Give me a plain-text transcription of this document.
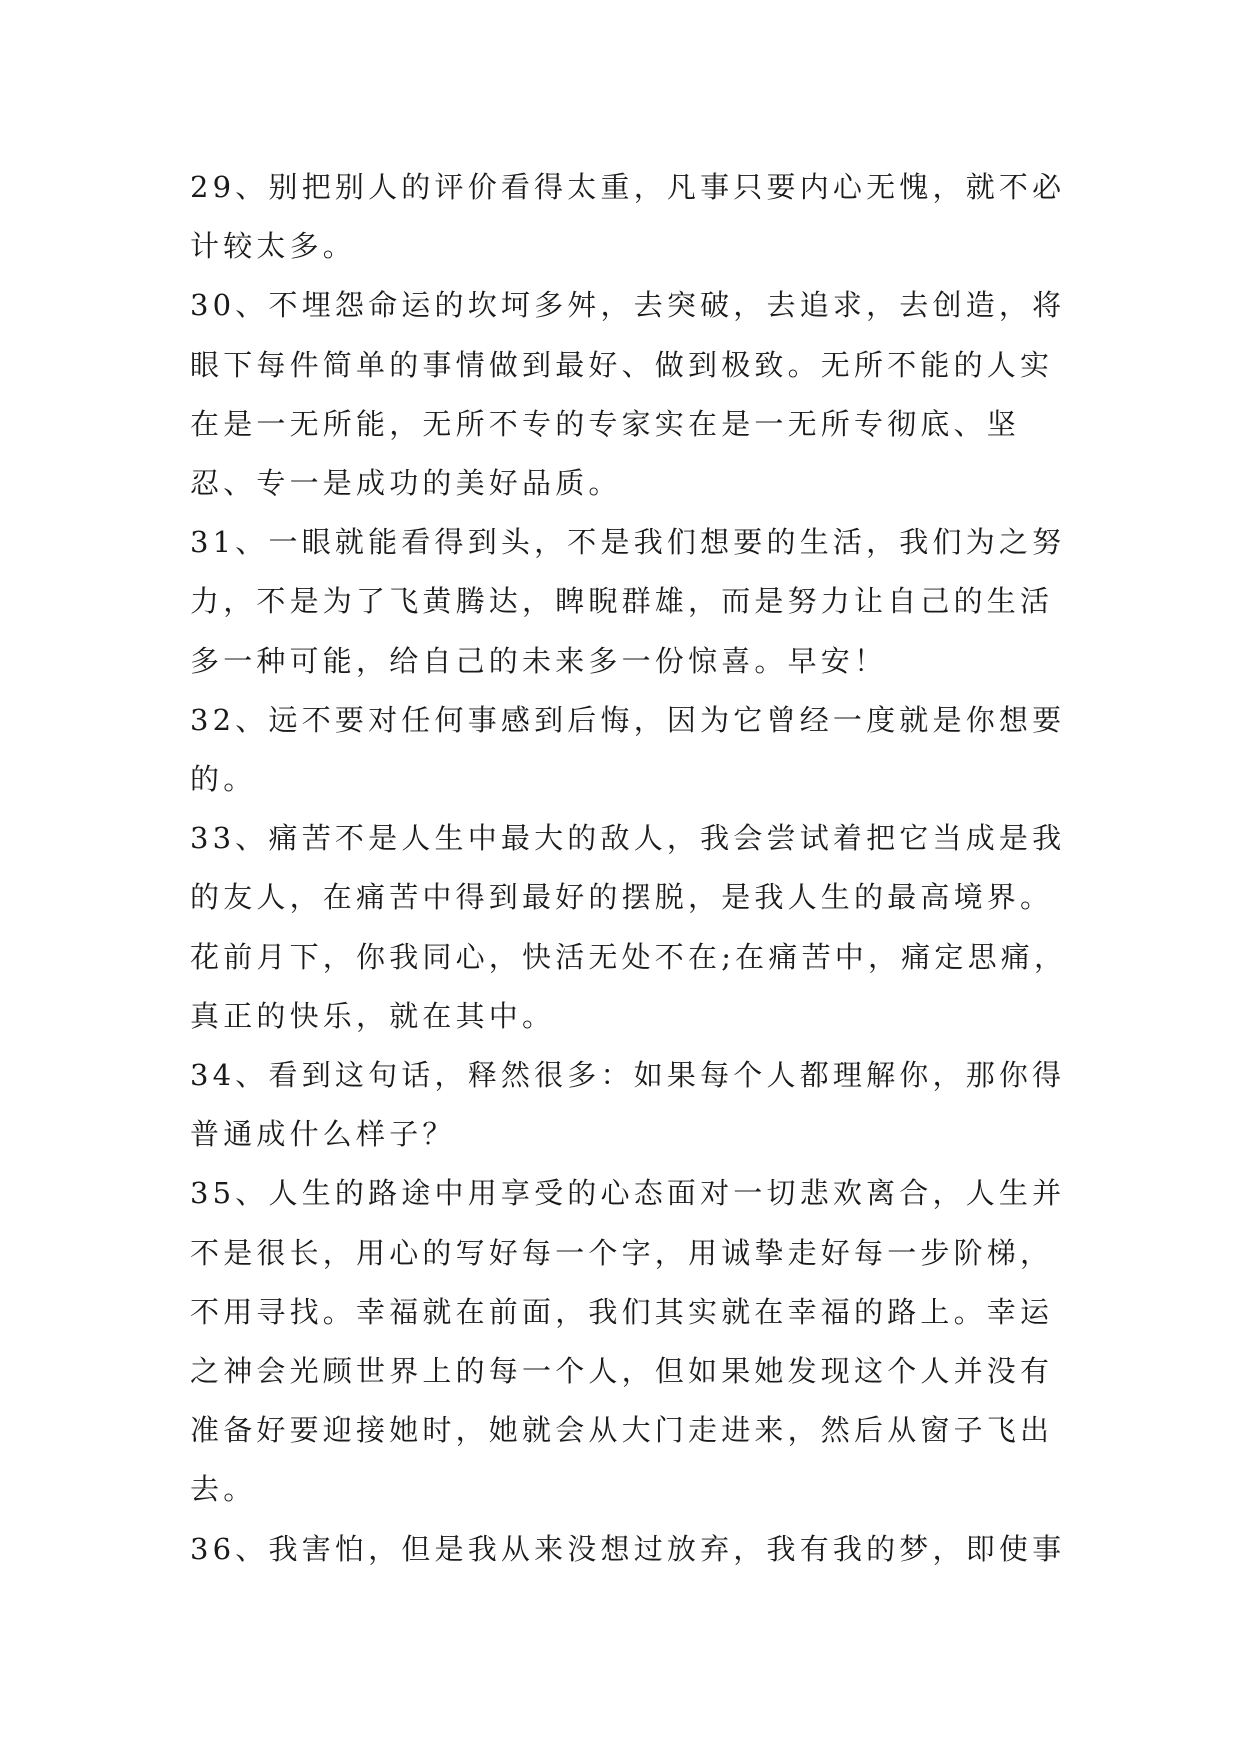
29、别把别人的评价看得太重，凡事只要内心无愧，就不必计较太多。

30、不埋怨命运的坎坷多舛，去突破，去追求，去创造，将眼下每件简单的事情做到最好、做到极致。无所不能的人实在是一无所能，无所不专的专家实在是一无所专彻底、坚忍、专一是成功的美好品质。

31、一眼就能看得到头，不是我们想要的生活，我们为之努力，不是为了飞黄腾达，睥睨群雄，而是努力让自己的生活多一种可能，给自己的未来多一份惊喜。早安！

32、远不要对任何事感到后悔，因为它曾经一度就是你想要的。

33、痛苦不是人生中最大的敌人，我会尝试着把它当成是我的友人，在痛苦中得到最好的摆脱，是我人生的最高境界。花前月下，你我同心，快活无处不在;在痛苦中，痛定思痛，真正的快乐，就在其中。

34、看到这句话，释然很多：如果每个人都理解你，那你得普通成什么样子？

35、人生的路途中用享受的心态面对一切悲欢离合，人生并不是很长，用心的写好每一个字，用诚挚走好每一步阶梯，不用寻找。幸福就在前面，我们其实就在幸福的路上。幸运之神会光顾世界上的每一个人，但如果她发现这个人并没有准备好要迎接她时，她就会从大门走进来，然后从窗子飞出去。

36、我害怕，但是我从来没想过放弃，我有我的梦，即使事
